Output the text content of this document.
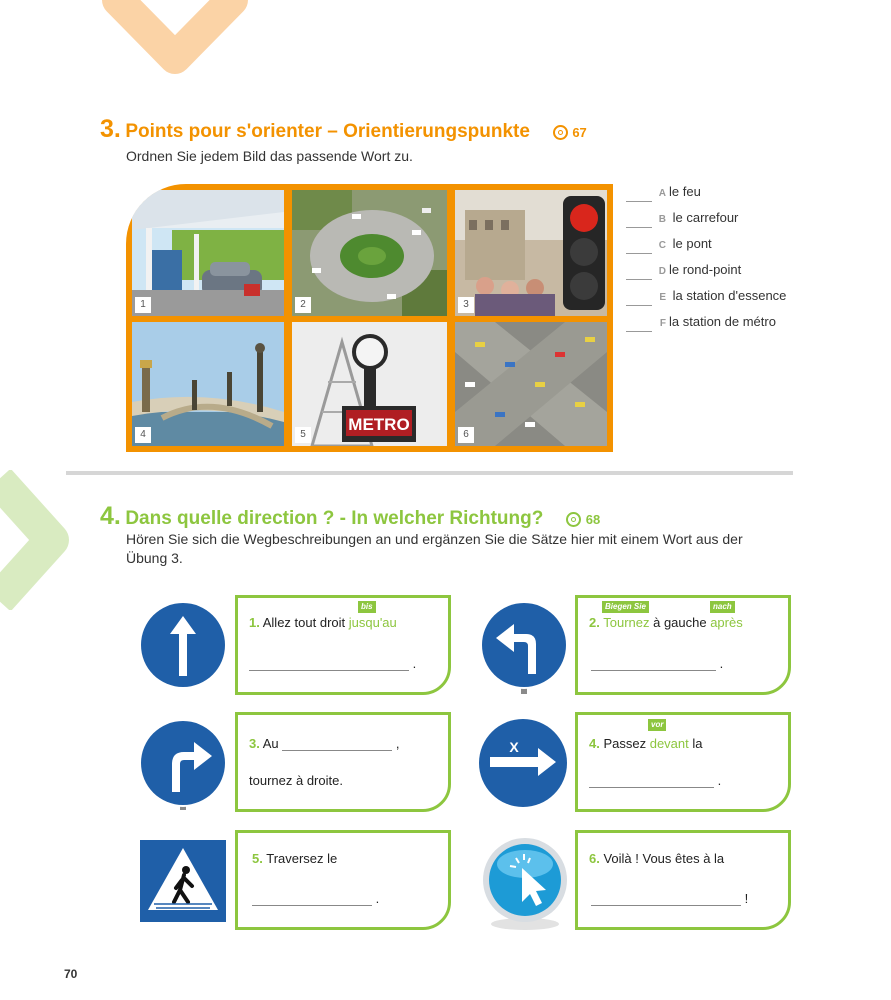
3. Points pour s'orienter – Orientierungspunkte	67
Ordnen Sie jedem Bild das passende Wort zu.
1	2	3
4
METRO
5	6
A le feu
B le carrefour
C le pont
D le rond-point
E la station d'essence
F la station de métro
4. Dans quelle direction ? - In welcher Richtung?	68
Hören Sie sich die Wegbeschreibungen an und ergänzen Sie die Sätze hier mit einem Wort aus der Übung 3.
X
bis
1. Allez tout droit jusqu'au
.
Biegen Sie	nach
2. Tournez à gauche après
.
3. Au	,
tournez à droite.
vor
4. Passez devant la
.
5. Traversez le
.
6. Voilà ! Vous êtes à la
!
70
